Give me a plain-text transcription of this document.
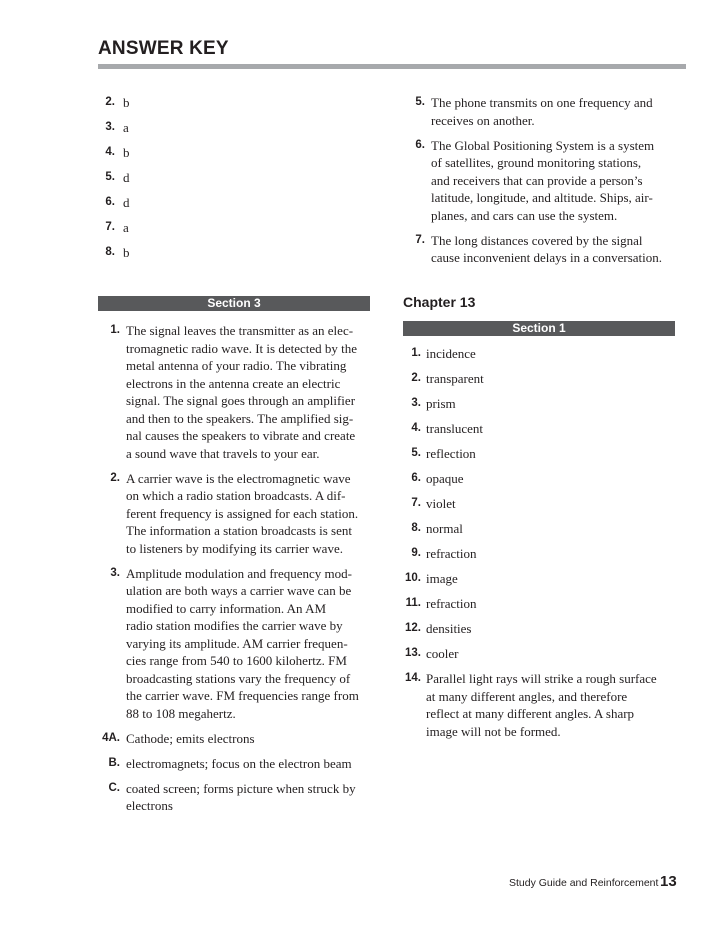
ANSWER KEY
2. b
3. a
4. b
5. d
6. d
7. a
8. b
5. The phone transmits on one frequency and
receives on another.
6. The Global Positioning System is a system
of satellites, ground monitoring stations,
and receivers that can provide a person’s
latitude, longitude, and altitude. Ships, air-
planes, and cars can use the system.
7. The long distances covered by the signal
cause inconvenient delays in a conversation.
Section 3
1. The signal leaves the transmitter as an elec-
tromagnetic radio wave. It is detected by the
metal antenna of your radio. The vibrating
electrons in the antenna create an electric
signal. The signal goes through an amplifier
and then to the speakers. The amplified sig-
nal causes the speakers to vibrate and create
a sound wave that travels to your ear.
2. A carrier wave is the electromagnetic wave
on which a radio station broadcasts. A dif-
ferent frequency is assigned for each station.
The information a station broadcasts is sent
to listeners by modifying its carrier wave.
3. Amplitude modulation and frequency mod-
ulation are both ways a carrier wave can be
modified to carry information. An AM
radio station modifies the carrier wave by
varying its amplitude. AM carrier frequen-
cies range from 540 to 1600 kilohertz. FM
broadcasting stations vary the frequency of
the carrier wave. FM frequencies range from
88 to 108 megahertz.
4A. Cathode; emits electrons
B. electromagnets; focus on the electron beam
C. coated screen; forms picture when struck by
electrons
Chapter 13
Section 1
1. incidence
2. transparent
3. prism
4. translucent
5. reflection
6. opaque
7. violet
8. normal
9. refraction
10. image
11. refraction
12. densities
13. cooler
14. Parallel light rays will strike a rough surface
at many different angles, and therefore
reflect at many different angles. A sharp
image will not be formed.
Study Guide and Reinforcement 13
